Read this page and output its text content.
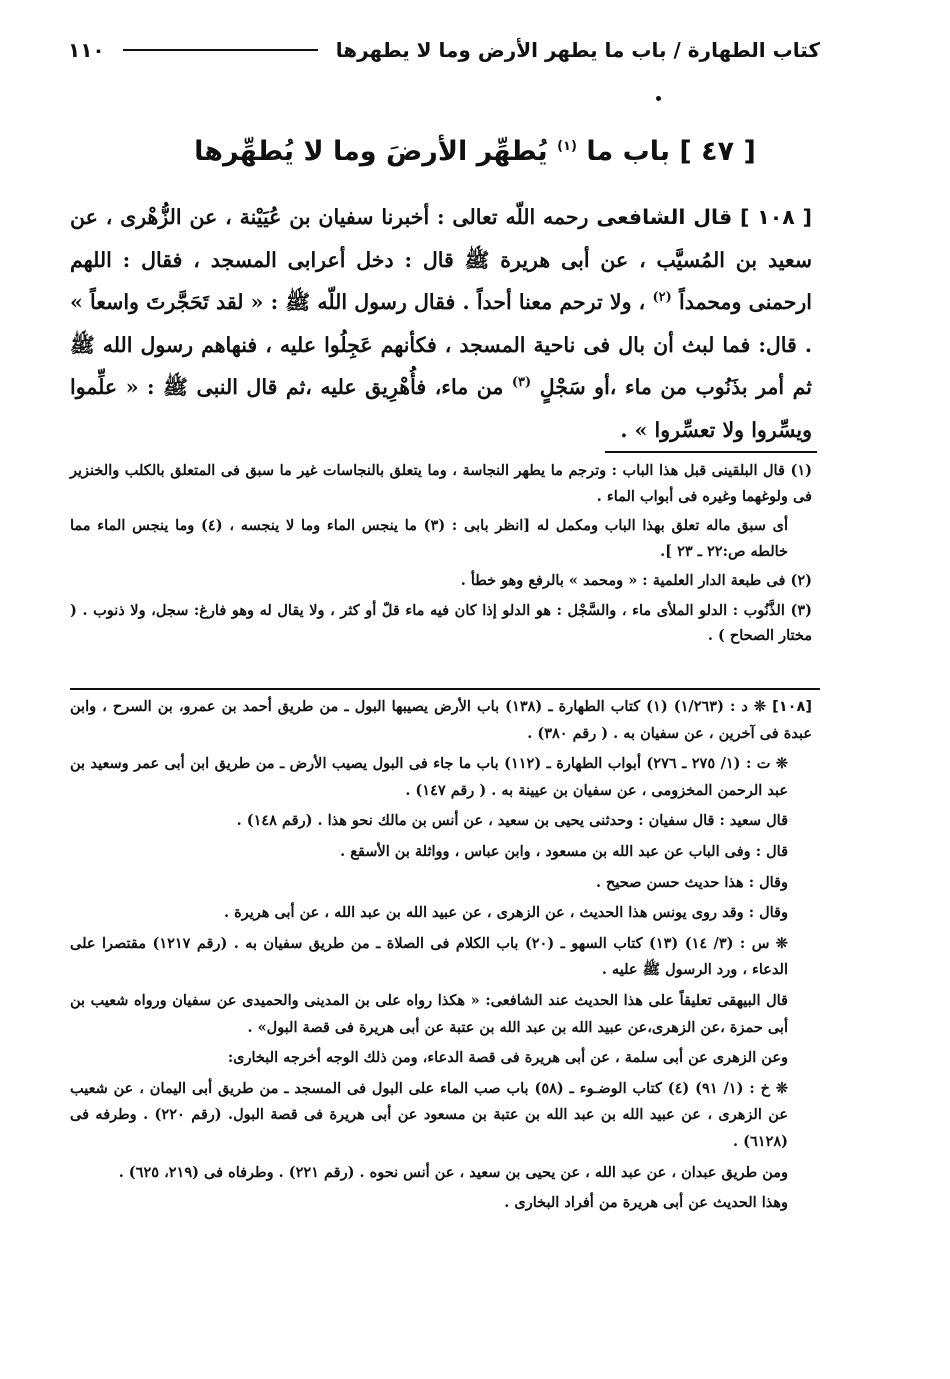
١١٠	كتاب الطهارة / باب ما يطهر الأرض وما لا يطهرها
[ ٤٧ ] باب ما $^{(١)}$ يُطهِّر الأرضَ وما لا يُطهِّرها
[ ١٠٨ ] قال الشافعى رحمه اللّه تعالى : أخبرنا سفيان بن عُيَيْنة ، عن الزُّهْرى ، عن سعيد بن المُسيَّب ، عن أبى هريرة ﷺ قال : دخل أعرابى المسجد ، فقال : اللهم ارحمنى ومحمداً $^{(٢)}$ ، ولا ترحم معنا أحداً . فقال رسول اللّه ﷺ : « لقد تَحَجَّرتَ واسعاً » . قال: فما لبث أن بال فى ناحية المسجد ، فكأنهم عَجِلُوا عليه ، فنهاهم رسول الله ﷺ ثم أمر بذَنُوب من ماء ،أو سَجْلٍ $^{(٣)}$ من ماء، فأُهْرِيق عليه ،ثم قال النبى ﷺ : « علِّموا ويسِّروا ولا تعسِّروا » .

(١) قال البلقينى قبل هذا الباب : وترجم ما يطهر النجاسة ، وما يتعلق بالنجاسات غير ما سبق فى المتعلق بالكلب والخنزير فى ولوغهما وغيره فى أبواب الماء .

أى سبق ماله تعلق بهذا الباب ومكمل له [انظر بابى : (٣) ما ينجس الماء وما لا ينجسه ، (٤) وما ينجس الماء مما خالطه ص:٢٢ ـ ٢٣ ].

(٢) فى طبعة الدار العلمية : « ومحمد » بالرفع وهو خطأ .

(٣) الذَّنُوب : الدلو الملأى ماء ، والسَّجْل : هو الدلو إذا كان فيه ماء قلّ أو كثر ، ولا يقال له وهو فارغ: سجل، ولا ذنوب . ( مختار الصحاح ) .

[١٠٨] ❊ د : (١/٢٦٣) (١) كتاب الطهارة ـ (١٣٨) باب الأرض يصيبها البول ـ من طريق أحمد بن عمرو، بن السرح ، وابن عبدة فى آخرين ، عن سفيان به . ( رقم ٣٨٠) .

❊ ت : (١/ ٢٧٥ ـ ٢٧٦) أبواب الطهارة ـ (١١٢) باب ما جاء فى البول يصيب الأرض ـ من طريق ابن أبى عمر وسعيد بن عبد الرحمن المخزومى ، عن سفيان بن عيينة به . ( رقم ١٤٧) .

قال سعيد : قال سفيان : وحدثنى يحيى بن سعيد ، عن أنس بن مالك نحو هذا . (رقم ١٤٨) .

قال : وفى الباب عن عبد الله بن مسعود ، وابن عباس ، وواثلة بن الأسقع .

وقال : هذا حديث حسن صحيح .

وقال : وقد روى يونس هذا الحديث ، عن الزهرى ، عن عبيد الله بن عبد الله ، عن أبى هريرة .

❊ س : (٣/ ١٤) (١٣) كتاب السهو ـ (٢٠) باب الكلام فى الصلاة ـ من طريق سفيان به . (رقم ١٢١٧) مقتصرا على الدعاء ، ورد الرسول ﷺ عليه .

قال البيهقى تعليقاً على هذا الحديث عند الشافعى: « هكذا رواه على بن المدينى والحميدى عن سفيان ورواه شعيب بن أبى حمزة ،عن الزهرى،عن عبيد الله بن عبد الله بن عتبة عن أبى هريرة فى قصة البول» .

وعن الزهرى عن أبى سلمة ، عن أبى هريرة فى قصة الدعاء، ومن ذلك الوجه أخرجه البخارى:

❊ خ : (١/ ٩١) (٤) كتاب الوضـوء ـ (٥٨) باب صب الماء على البول فى المسجد ـ من طريق أبى اليمان ، عن شعيب عن الزهرى ، عن عبيد الله بن عبد الله بن عتبة بن مسعود عن أبى هريرة فى قصة البول. (رقم ٢٢٠) . وطرفه فى (٦١٢٨) .

ومن طريق عبدان ، عن عبد الله ، عن يحيى بن سعيد ، عن أنس نحوه . (رقم ٢٢١) . وطرفاه فى (٢١٩، ٦٢٥) .

وهذا الحديث عن أبى هريرة من أفراد البخارى .
